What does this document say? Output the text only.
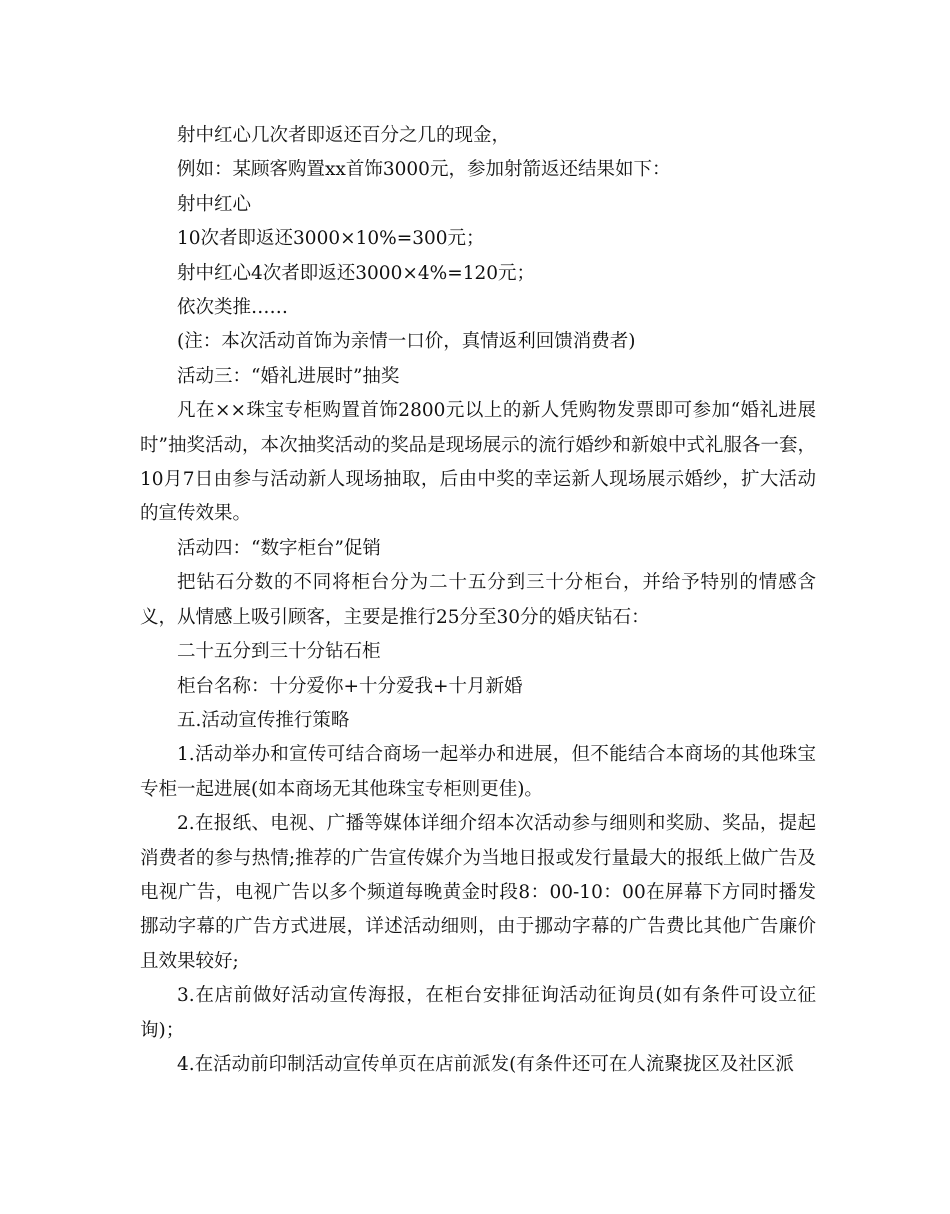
射中红心几次者即返还百分之几的现金，

例如：某顾客购置xx首饰3000元，参加射箭返还结果如下：

射中红心

10次者即返还3000×10%=300元；

射中红心4次者即返还3000×4%=120元；

依次类推……

(注：本次活动首饰为亲情一口价，真情返利回馈消费者)

活动三：“婚礼进展时”抽奖

凡在××珠宝专柜购置首饰2800元以上的新人凭购物发票即可参加“婚礼进展时”抽奖活动，本次抽奖活动的奖品是现场展示的流行婚纱和新娘中式礼服各一套，10月7日由参与活动新人现场抽取，后由中奖的幸运新人现场展示婚纱，扩大活动的宣传效果。

活动四：“数字柜台”促销

把钻石分数的不同将柜台分为二十五分到三十分柜台，并给予特别的情感含义，从情感上吸引顾客，主要是推行25分至30分的婚庆钻石：

二十五分到三十分钻石柜

柜台名称：十分爱你+十分爱我+十月新婚

五.活动宣传推行策略

1.活动举办和宣传可结合商场一起举办和进展，但不能结合本商场的其他珠宝专柜一起进展(如本商场无其他珠宝专柜则更佳)。

2.在报纸、电视、广播等媒体详细介绍本次活动参与细则和奖励、奖品，提起消费者的参与热情;推荐的广告宣传媒介为当地日报或发行量最大的报纸上做广告及电视广告，电视广告以多个频道每晚黄金时段8：00-10：00在屏幕下方同时播发挪动字幕的广告方式进展，详述活动细则，由于挪动字幕的广告费比其他广告廉价且效果较好;

3.在店前做好活动宣传海报，在柜台安排征询活动征询员(如有条件可设立征询)；

4.在活动前印制活动宣传单页在店前派发(有条件还可在人流聚拢区及社区派
